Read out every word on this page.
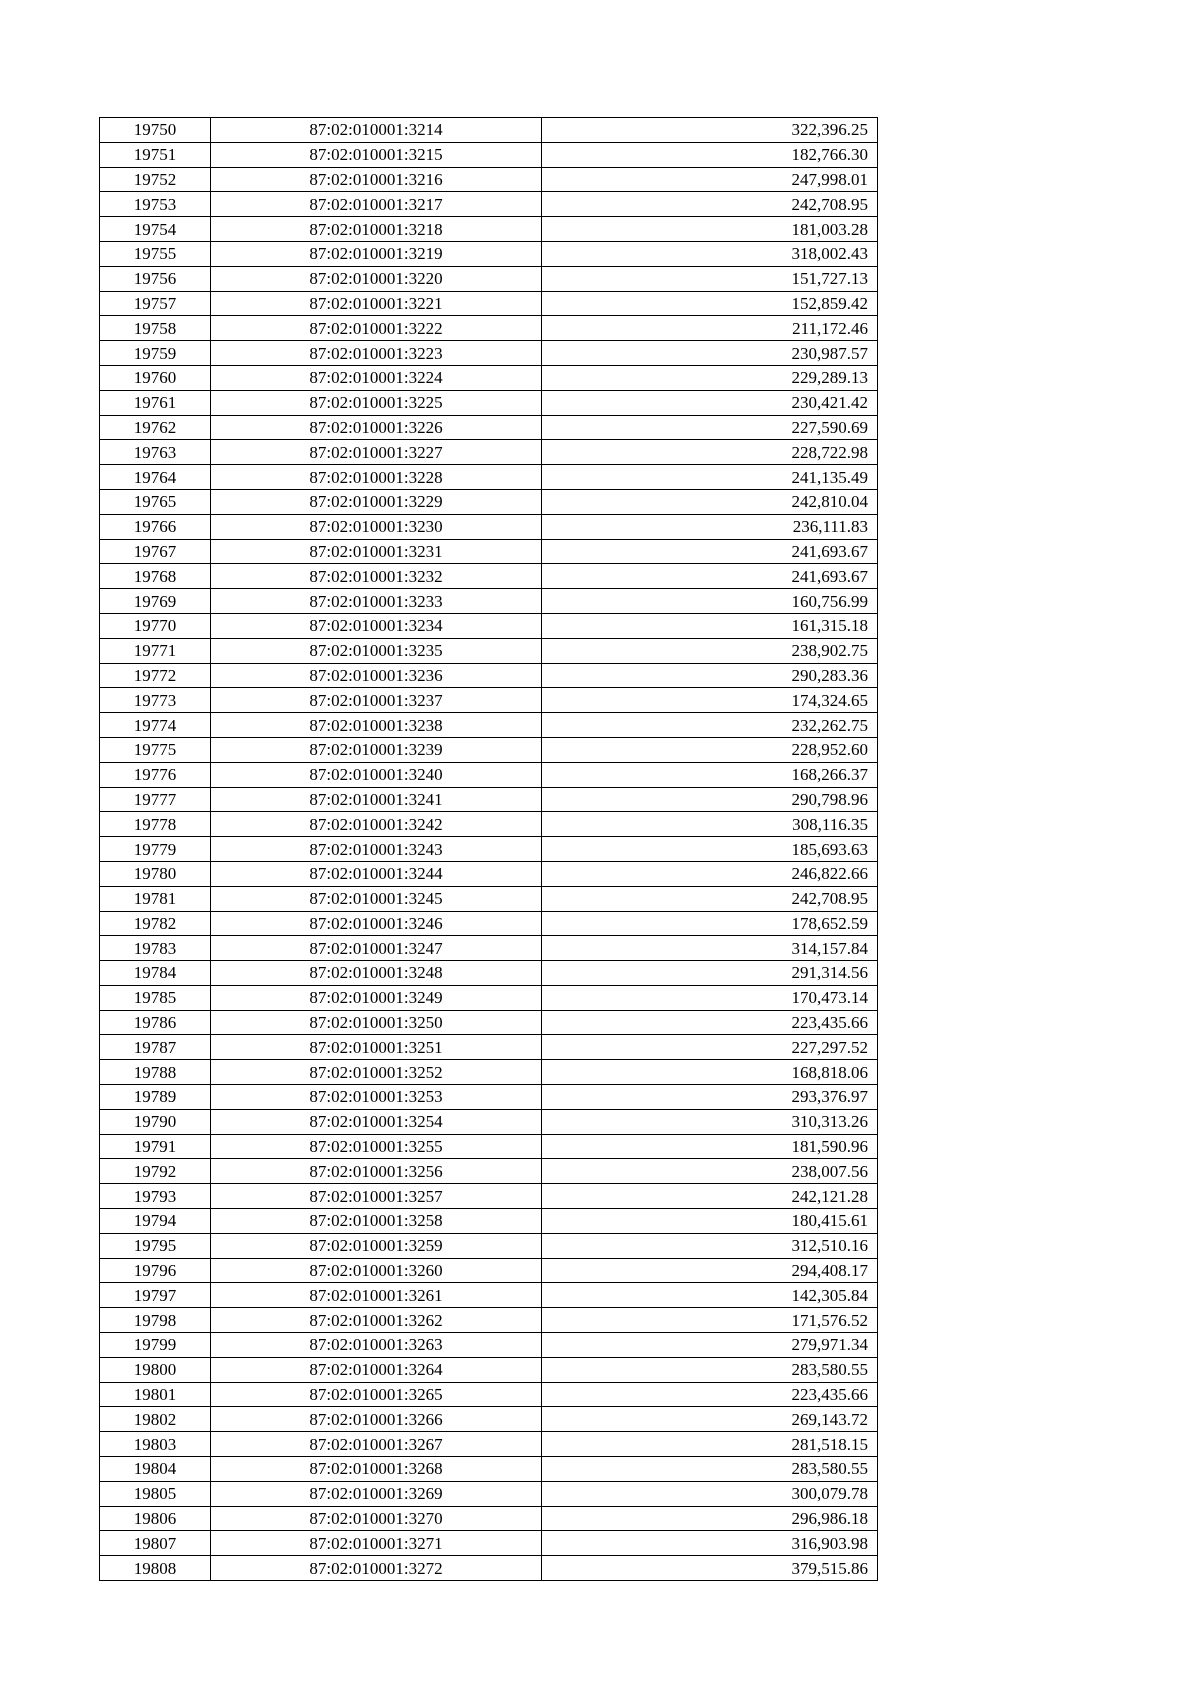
19750	87:02:010001:3214	322,396.25
19751	87:02:010001:3215	182,766.30
19752	87:02:010001:3216	247,998.01
19753	87:02:010001:3217	242,708.95
19754	87:02:010001:3218	181,003.28
19755	87:02:010001:3219	318,002.43
19756	87:02:010001:3220	151,727.13
19757	87:02:010001:3221	152,859.42
19758	87:02:010001:3222	211,172.46
19759	87:02:010001:3223	230,987.57
19760	87:02:010001:3224	229,289.13
19761	87:02:010001:3225	230,421.42
19762	87:02:010001:3226	227,590.69
19763	87:02:010001:3227	228,722.98
19764	87:02:010001:3228	241,135.49
19765	87:02:010001:3229	242,810.04
19766	87:02:010001:3230	236,111.83
19767	87:02:010001:3231	241,693.67
19768	87:02:010001:3232	241,693.67
19769	87:02:010001:3233	160,756.99
19770	87:02:010001:3234	161,315.18
19771	87:02:010001:3235	238,902.75
19772	87:02:010001:3236	290,283.36
19773	87:02:010001:3237	174,324.65
19774	87:02:010001:3238	232,262.75
19775	87:02:010001:3239	228,952.60
19776	87:02:010001:3240	168,266.37
19777	87:02:010001:3241	290,798.96
19778	87:02:010001:3242	308,116.35
19779	87:02:010001:3243	185,693.63
19780	87:02:010001:3244	246,822.66
19781	87:02:010001:3245	242,708.95
19782	87:02:010001:3246	178,652.59
19783	87:02:010001:3247	314,157.84
19784	87:02:010001:3248	291,314.56
19785	87:02:010001:3249	170,473.14
19786	87:02:010001:3250	223,435.66
19787	87:02:010001:3251	227,297.52
19788	87:02:010001:3252	168,818.06
19789	87:02:010001:3253	293,376.97
19790	87:02:010001:3254	310,313.26
19791	87:02:010001:3255	181,590.96
19792	87:02:010001:3256	238,007.56
19793	87:02:010001:3257	242,121.28
19794	87:02:010001:3258	180,415.61
19795	87:02:010001:3259	312,510.16
19796	87:02:010001:3260	294,408.17
19797	87:02:010001:3261	142,305.84
19798	87:02:010001:3262	171,576.52
19799	87:02:010001:3263	279,971.34
19800	87:02:010001:3264	283,580.55
19801	87:02:010001:3265	223,435.66
19802	87:02:010001:3266	269,143.72
19803	87:02:010001:3267	281,518.15
19804	87:02:010001:3268	283,580.55
19805	87:02:010001:3269	300,079.78
19806	87:02:010001:3270	296,986.18
19807	87:02:010001:3271	316,903.98
19808	87:02:010001:3272	379,515.86
